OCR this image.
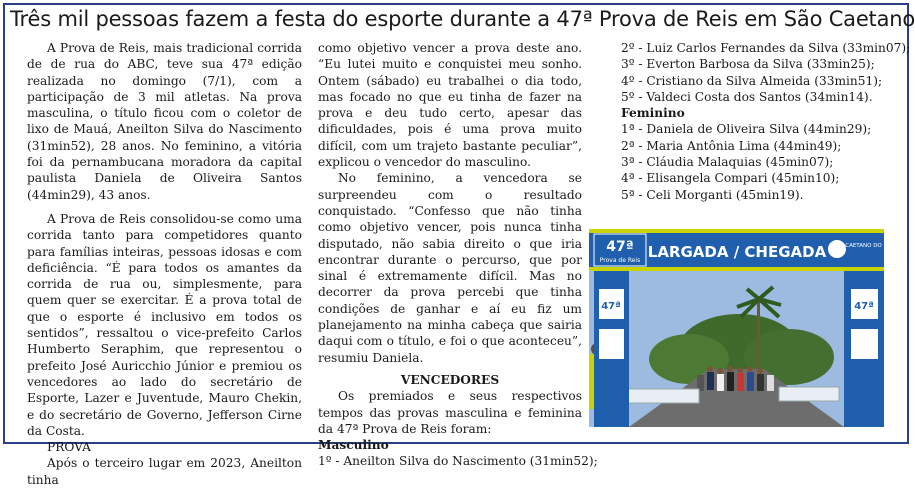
Três mil pessoas fazem a festa do esporte durante a 47ª Prova de Reis em São Caetano

A Prova de Reis, mais tradicional corrida de de rua do ABC, teve sua 47ª edição realizada no domingo (7/1), com a participação de 3 mil atletas. Na prova masculina, o título ficou com o coletor de lixo de Mauá, Aneilton Silva do Nascimento (31min52), 28 anos. No feminino, a vitória foi da pernambucana moradora da capital paulista Daniela de Oliveira Santos (44min29), 43 anos.

A Prova de Reis consolidou-se como uma corrida tanto para competidores quanto para famílias inteiras, pessoas idosas e com deficiência. “É para todos os amantes da corrida de rua ou, simplesmente, para quem quer se exercitar. É a prova total de que o esporte é inclusivo em todos os sentidos”, ressaltou o vice-prefeito Carlos Humberto Seraphim, que representou o prefeito José Auricchio Júnior e premiou os vencedores ao lado do secretário de Esporte, Lazer e Juventude, Mauro Chekin, e do secretário de Governo, Jefferson Cirne da Costa.

PROVA

Após o terceiro lugar em 2023, Aneilton tinha

como objetivo vencer a prova deste ano. “Eu lutei muito e conquistei meu sonho. Ontem (sábado) eu trabalhei o dia todo, mas focado no que eu tinha de fazer na prova e deu tudo certo, apesar das dificuldades, pois é uma prova muito difícil, com um trajeto bastante peculiar”, explicou o vencedor do masculino.

No feminino, a vencedora se surpreendeu com o resultado conquistado. “Confesso que não tinha como objetivo vencer, pois nunca tinha disputado, não sabia direito o que iria encontrar durante o percurso, que por sinal é extremamente difícil. Mas no decorrer da prova percebi que tinha condições de ganhar e aí eu fiz um planejamento na minha cabeça que sairia daqui com o título, e foi o que aconteceu”, resumiu Daniela.

VENCEDORES

Os premiados e seus respectivos tempos das provas masculina e feminina da 47ª Prova de Reis foram:

Masculino

1º - Aneilton Silva do Nascimento (31min52);

2º - Luiz Carlos Fernandes da Silva (33min07);

3º - Everton Barbosa da Silva (33min25);

4º - Cristiano da Silva Almeida (33min51);

5º - Valdeci Costa dos Santos (34min14).

Feminino

1ª - Daniela de Oliveira Silva (44min29);

2ª - Maria Antônia Lima (44min49);

3ª - Cláudia Malaquias (45min07);

4ª - Elisangela Compari (45min10);

5ª - Celi Morganti (45min19).

47ª	47ª
47ª
Prova de Reis LARGADA / CHEGADA SÃO CAETANO DO SUL
